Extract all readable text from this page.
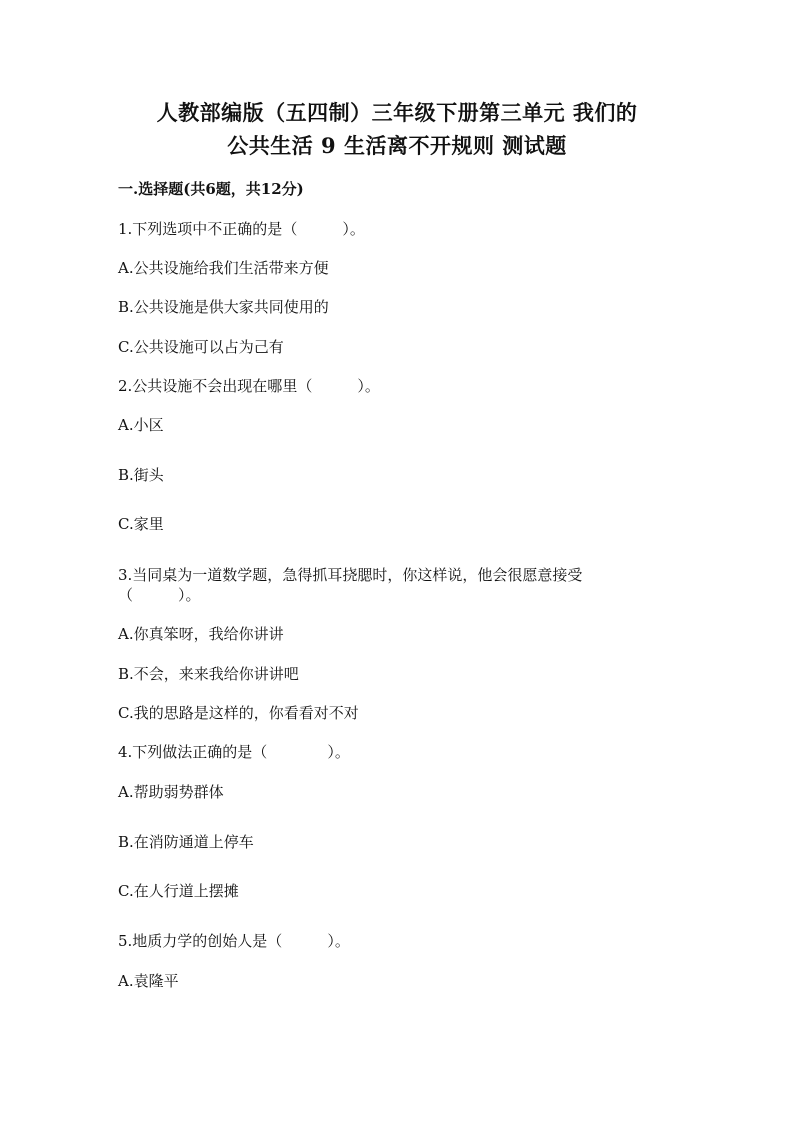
人教部编版（五四制）三年级下册第三单元 我们的
公共生活 9 生活离不开规则 测试题
一.选择题(共6题，共12分)
1.下列选项中不正确的是（　　　）。
A.公共设施给我们生活带来方便
B.公共设施是供大家共同使用的
C.公共设施可以占为己有
2.公共设施不会出现在哪里（　　　）。
A.小区
B.街头
C.家里
3.当同桌为一道数学题，急得抓耳挠腮时，你这样说，他会很愿意接受
（　　　）。
A.你真笨呀，我给你讲讲
B.不会，来来我给你讲讲吧
C.我的思路是这样的，你看看对不对
4.下列做法正确的是（　　　　）。
A.帮助弱势群体
B.在消防通道上停车
C.在人行道上摆摊
5.地质力学的创始人是（　　　）。
A.袁隆平
